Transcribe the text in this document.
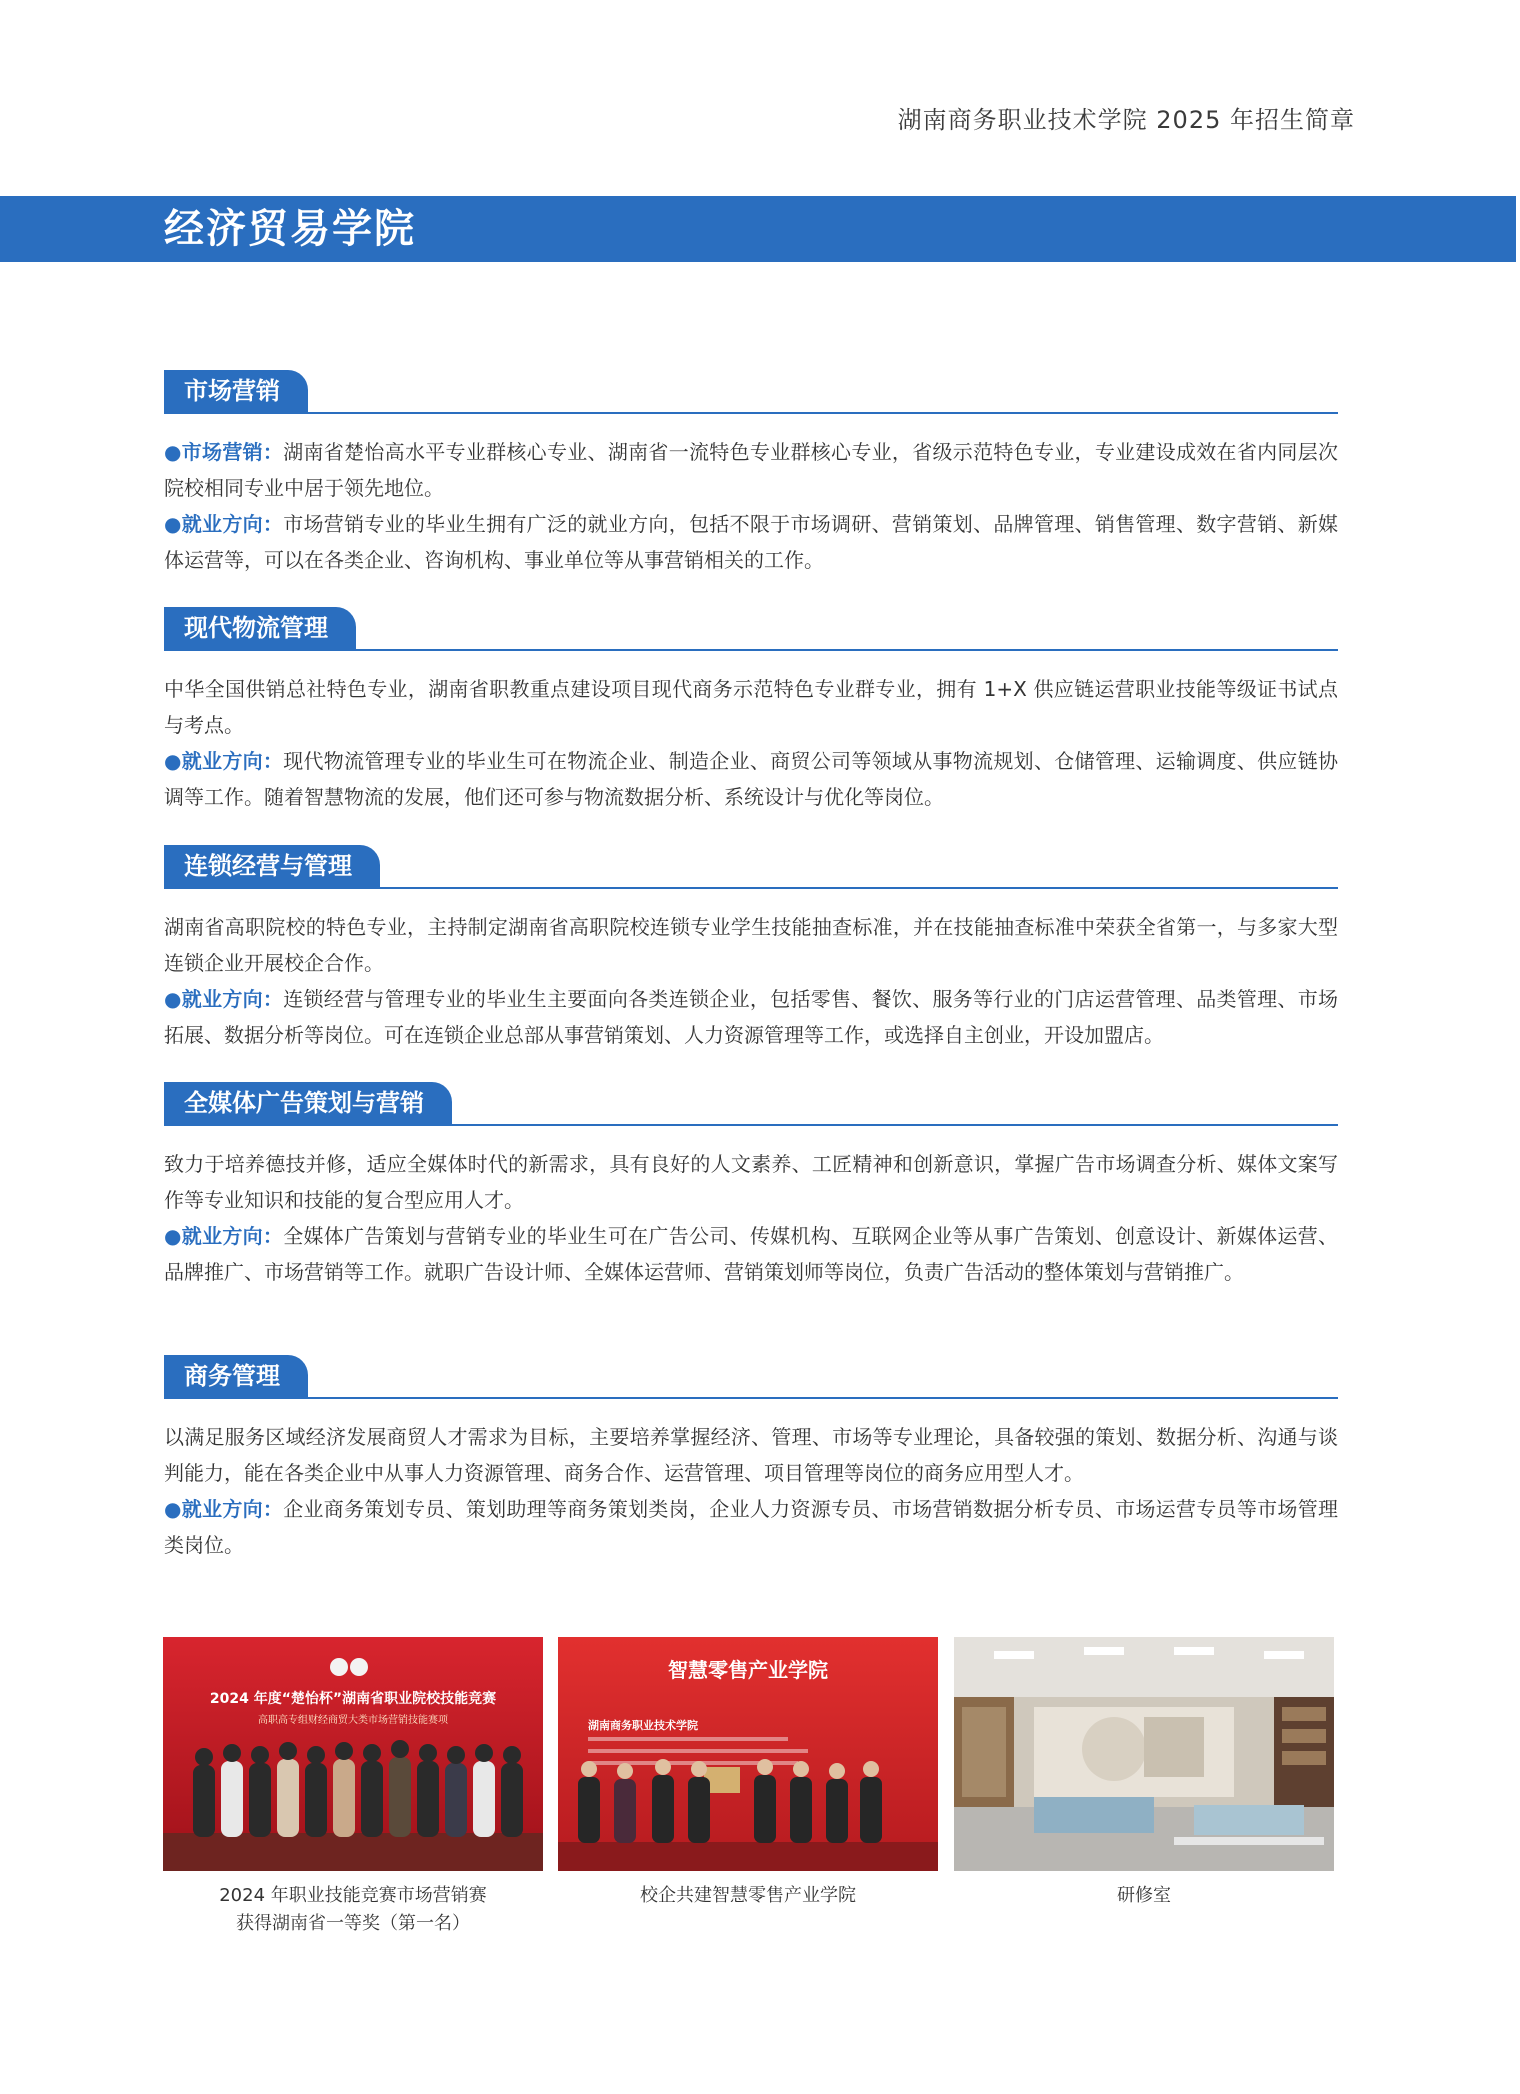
湖南商务职业技术学院 2025 年招生简章
经济贸易学院
市场营销

●市场营销：湖南省楚怡高水平专业群核心专业、湖南省一流特色专业群核心专业，省级示范特色专业，专业建设成效在省内同层次院校相同专业中居于领先地位。

●就业方向：市场营销专业的毕业生拥有广泛的就业方向，包括不限于市场调研、营销策划、品牌管理、销售管理、数字营销、新媒体运营等，可以在各类企业、咨询机构、事业单位等从事营销相关的工作。

现代物流管理

中华全国供销总社特色专业，湖南省职教重点建设项目现代商务示范特色专业群专业，拥有 1+X 供应链运营职业技能等级证书试点与考点。

●就业方向：现代物流管理专业的毕业生可在物流企业、制造企业、商贸公司等领域从事物流规划、仓储管理、运输调度、供应链协调等工作。随着智慧物流的发展，他们还可参与物流数据分析、系统设计与优化等岗位。

连锁经营与管理

湖南省高职院校的特色专业，主持制定湖南省高职院校连锁专业学生技能抽查标准，并在技能抽查标准中荣获全省第一，与多家大型连锁企业开展校企合作。

●就业方向：连锁经营与管理专业的毕业生主要面向各类连锁企业，包括零售、餐饮、服务等行业的门店运营管理、品类管理、市场拓展、数据分析等岗位。可在连锁企业总部从事营销策划、人力资源管理等工作，或选择自主创业，开设加盟店。

全媒体广告策划与营销

致力于培养德技并修，适应全媒体时代的新需求，具有良好的人文素养、工匠精神和创新意识，掌握广告市场调查分析、媒体文案写作等专业知识和技能的复合型应用人才。

●就业方向：全媒体广告策划与营销专业的毕业生可在广告公司、传媒机构、互联网企业等从事广告策划、创意设计、新媒体运营、品牌推广、市场营销等工作。就职广告设计师、全媒体运营师、营销策划师等岗位，负责广告活动的整体策划与营销推广。

商务管理

以满足服务区域经济发展商贸人才需求为目标，主要培养掌握经济、管理、市场等专业理论，具备较强的策划、数据分析、沟通与谈判能力，能在各类企业中从事人力资源管理、商务合作、运营管理、项目管理等岗位的商务应用型人才。

●就业方向：企业商务策划专员、策划助理等商务策划类岗，企业人力资源专员、市场营销数据分析专员、市场运营专员等市场管理类岗位。

2024 年度“楚怡杯”湖南省职业院校技能竞赛
高职高专组财经商贸大类市场营销技能赛项
2024 年职业技能竞赛市场营销赛
获得湖南省一等奖（第一名）
智慧零售产业学院
湖南商务职业技术学院
校企共建智慧零售产业学院	研修室
